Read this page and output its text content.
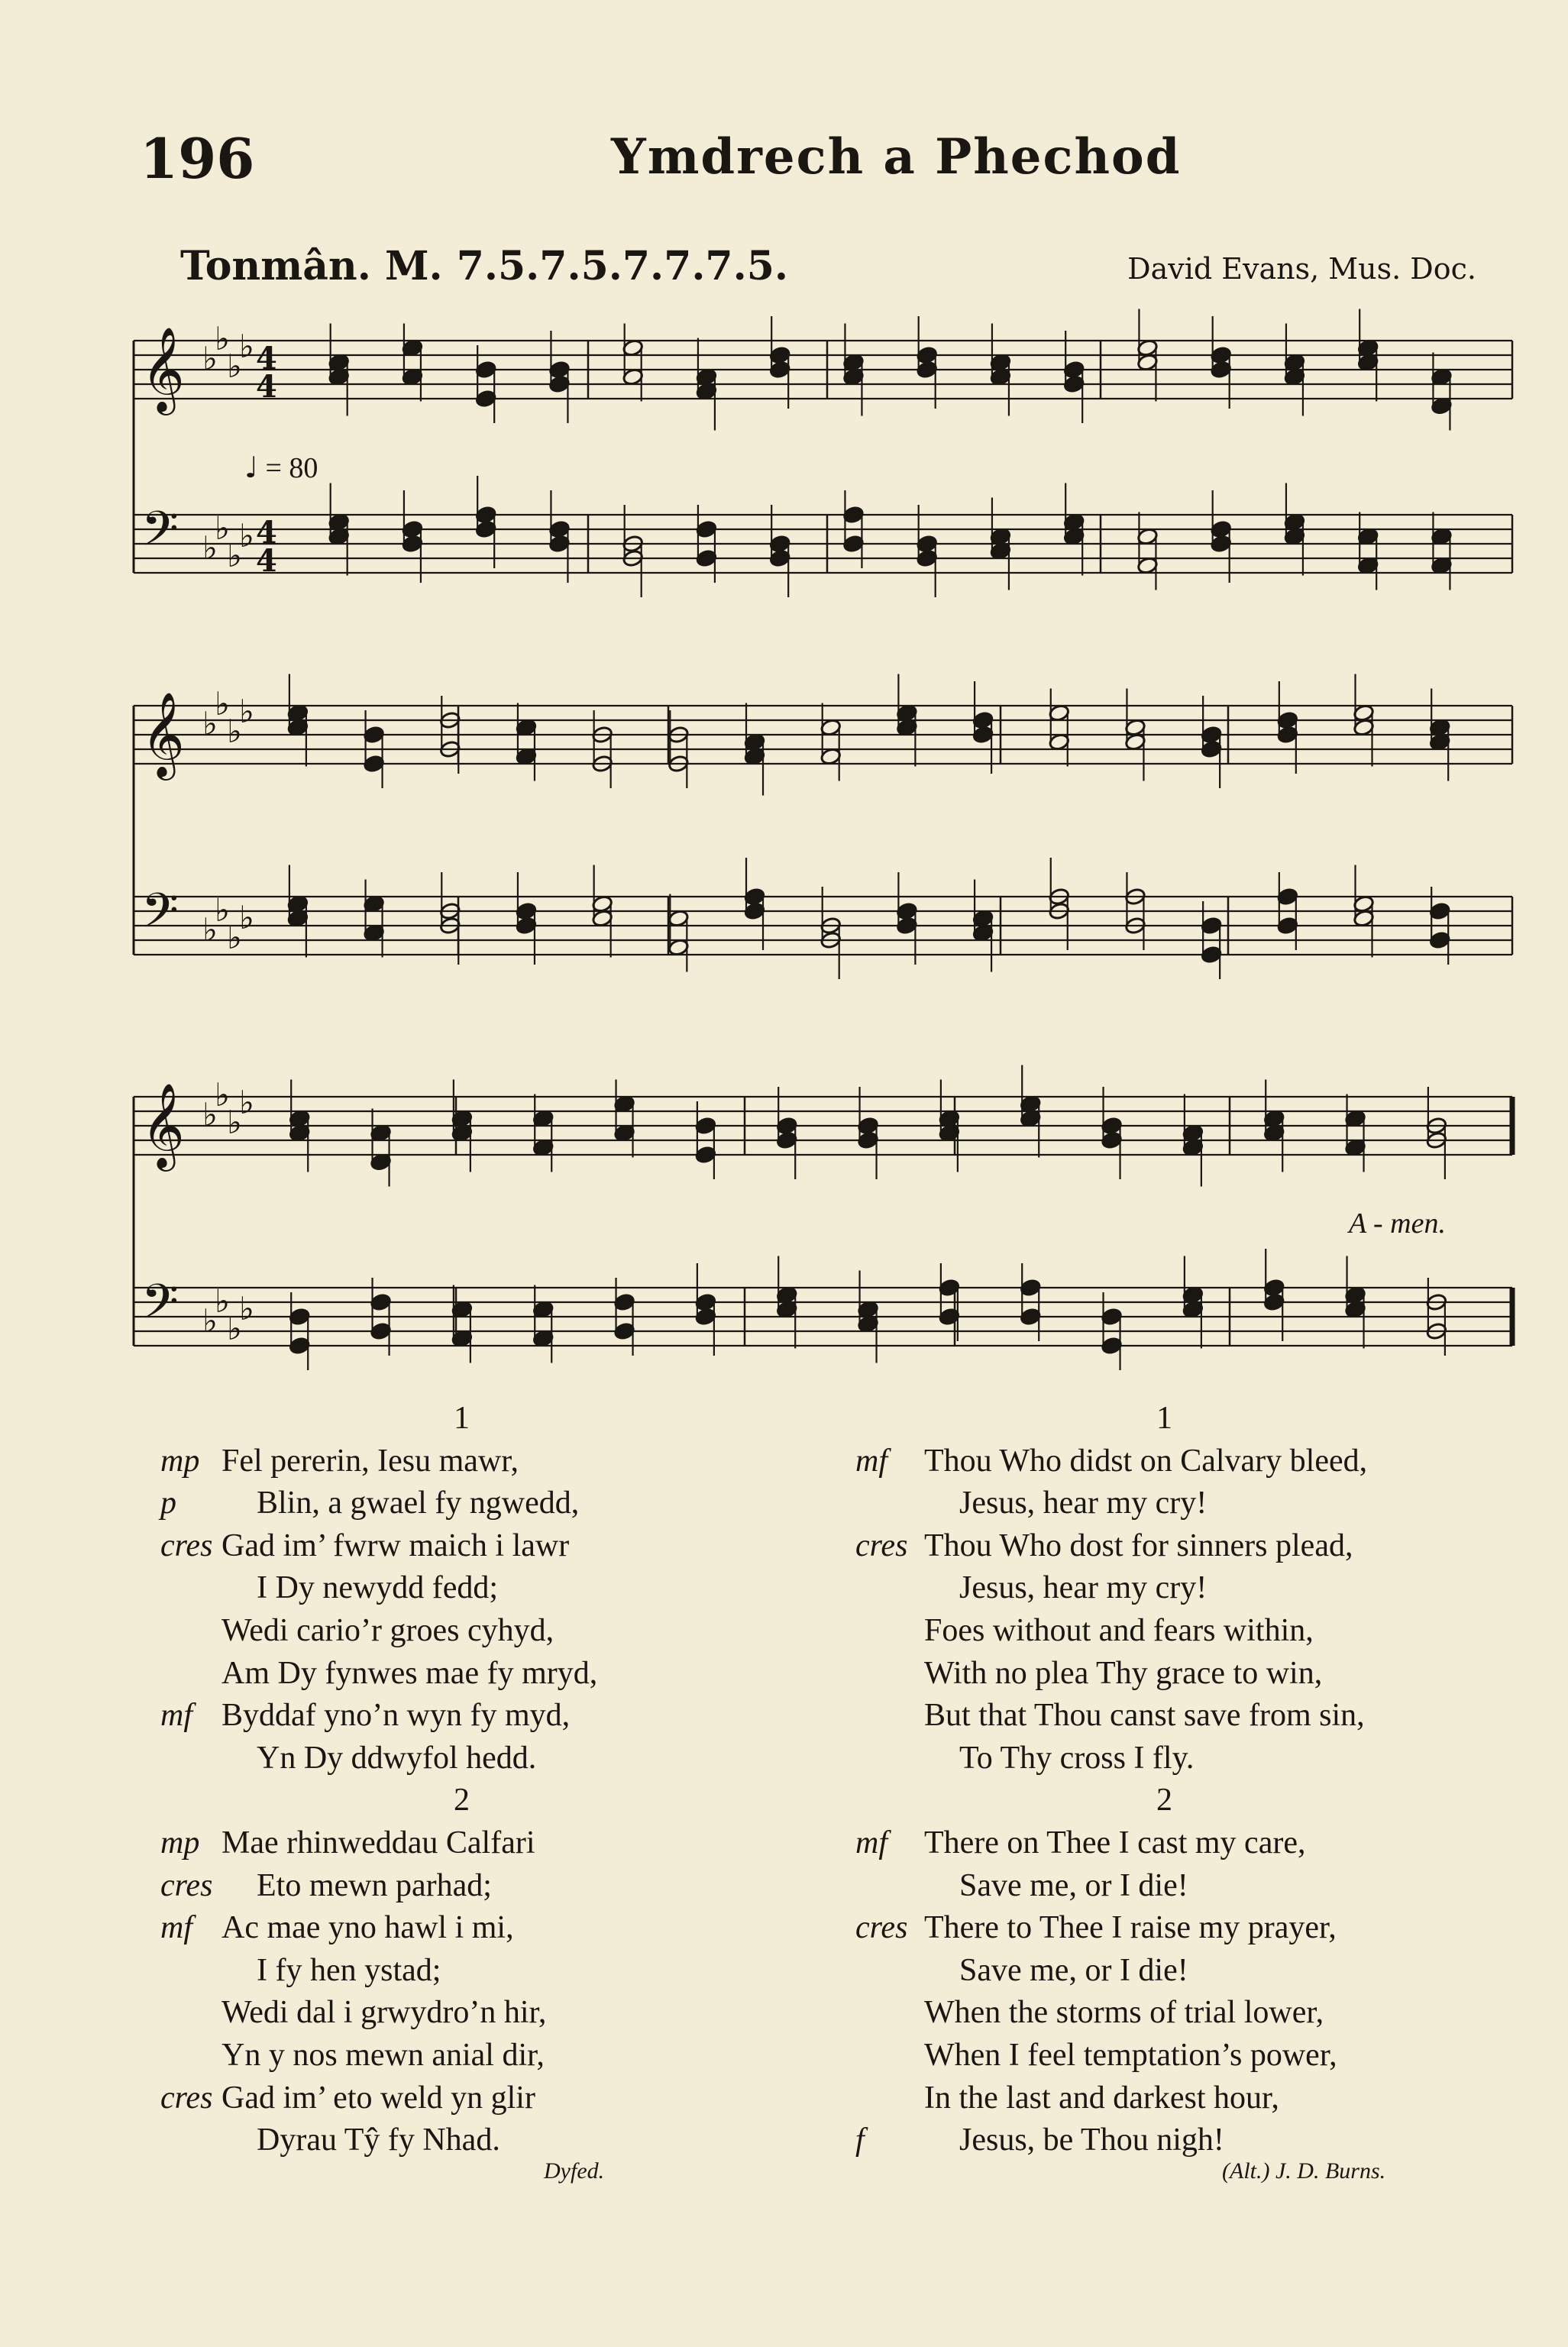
196	Ymdrech a Phechod
Tonmân. M. 7.5.7.5.7.7.7.5.	David Evans, Mus. Doc.
𝄞
𝄢
♭
♭
♭
♭
♭
♭
♭
♭
4
4
4
4
𝄞
𝄢
♭
♭
♭
♭
♭
♭
♭
♭
𝄞
𝄢
♭
♭
♭
♭
♭
♭
♭
♭
♩ = 80
A - men.
1
mp Fel pererin, Iesu mawr,
p	Blin, a gwael fy ngwedd,
cres Gad im’ fwrw maich i lawr
I Dy newydd fedd;
Wedi cario’r groes cyhyd,
Am Dy fynwes mae fy mryd,
mf Byddaf yno’n wyn fy myd,
Yn Dy ddwyfol hedd.
2
mp Mae rhinweddau Calfari
cres Eto mewn parhad;
mf Ac mae yno hawl i mi,
I fy hen ystad;
Wedi dal i grwydro’n hir,
Yn y nos mewn anial dir,
cres Gad im’ eto weld yn glir
Dyrau Tŷ fy Nhad.
1
mf Thou Who didst on Calvary bleed,
Jesus, hear my cry!
cres Thou Who dost for sinners plead,
Jesus, hear my cry!
Foes without and fears within,
With no plea Thy grace to win,
But that Thou canst save from sin,
To Thy cross I fly.
2
mf There on Thee I cast my care,
Save me, or I die!
cres There to Thee I raise my prayer,
Save me, or I die!
When the storms of trial lower,
When I feel temptation’s power,
In the last and darkest hour,
f	Jesus, be Thou nigh!
Dyfed.	(Alt.) J. D. Burns.
